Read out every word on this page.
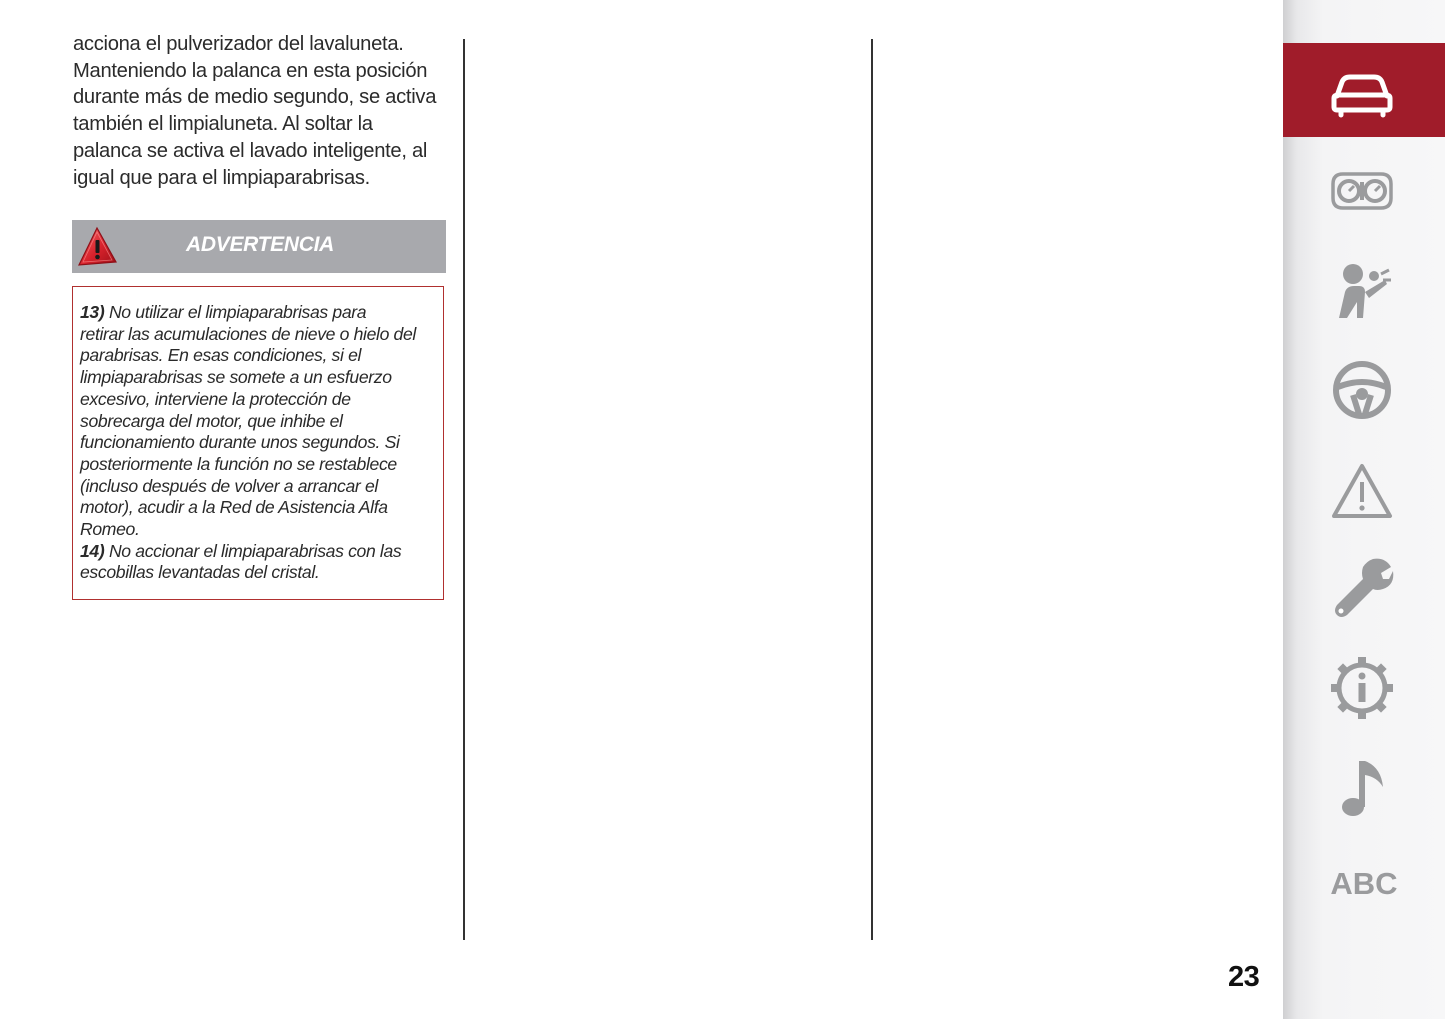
acciona el pulverizador del lavaluneta.
Manteniendo la palanca en esta posición
durante más de medio segundo, se activa
también el limpialuneta. Al soltar la
palanca se activa el lavado inteligente, al
igual que para el limpiaparabrisas.
ADVERTENCIA
13) No utilizar el limpiaparabrisas para
retirar las acumulaciones de nieve o hielo del
parabrisas. En esas condiciones, si el
limpiaparabrisas se somete a un esfuerzo
excesivo, interviene la protección de
sobrecarga del motor, que inhibe el
funcionamiento durante unos segundos. Si
posteriormente la función no se restablece
(incluso después de volver a arrancar el
motor), acudir a la Red de Asistencia Alfa
Romeo.
14) No accionar el limpiaparabrisas con las
escobillas levantadas del cristal.
23
ABC
